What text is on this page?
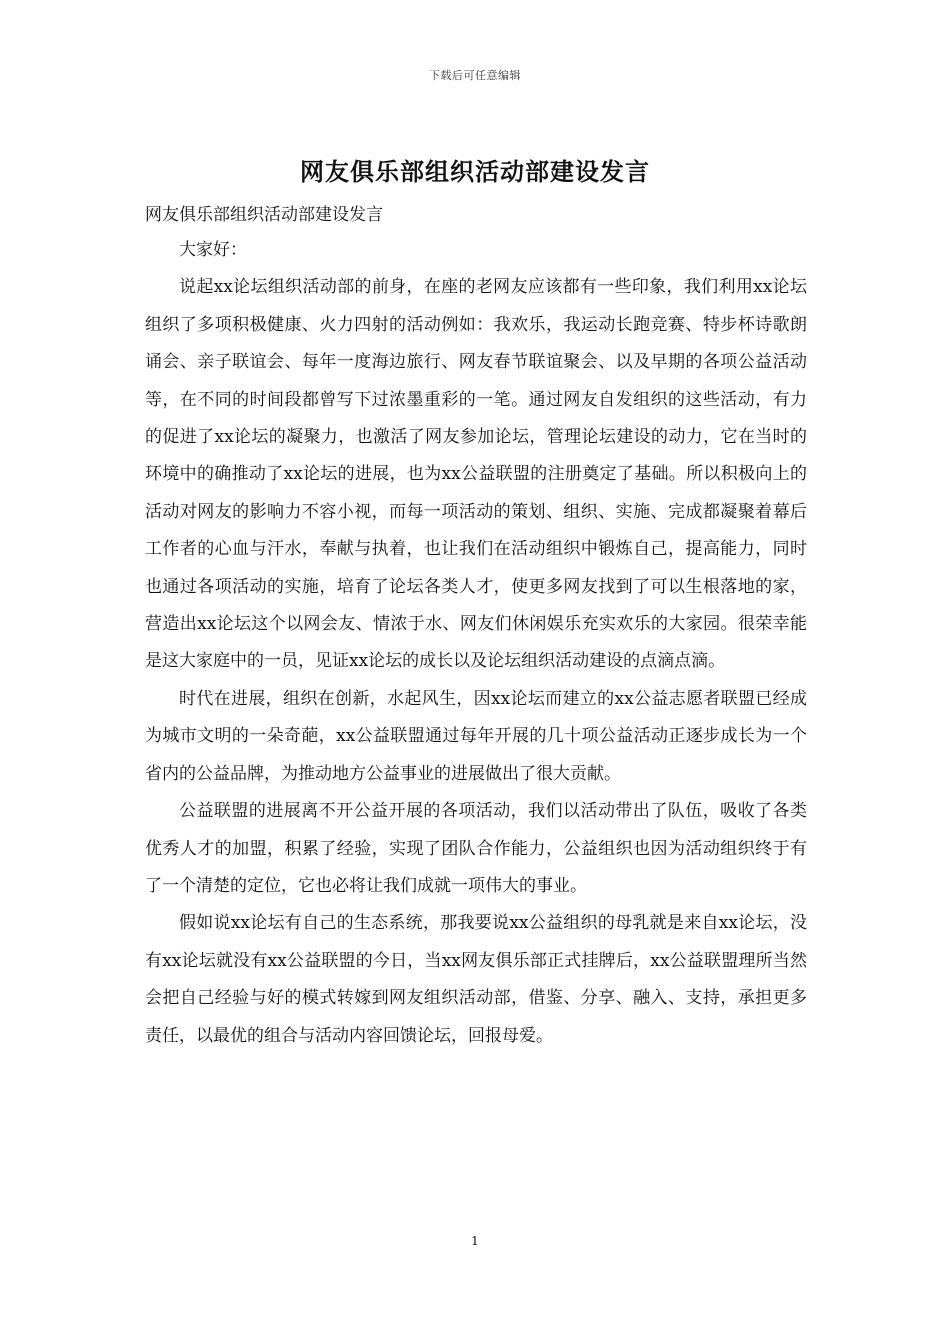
下载后可任意编辑
网友俱乐部组织活动部建设发言
网友俱乐部组织活动部建设发言

大家好：

说起xx论坛组织活动部的前身，在座的老网友应该都有一些印象，我们利用xx论坛组织了多项积极健康、火力四射的活动例如：我欢乐，我运动长跑竞赛、特步杯诗歌朗诵会、亲子联谊会、每年一度海边旅行、网友春节联谊聚会、以及早期的各项公益活动等，在不同的时间段都曾写下过浓墨重彩的一笔。通过网友自发组织的这些活动，有力的促进了xx论坛的凝聚力，也激活了网友参加论坛，管理论坛建设的动力，它在当时的环境中的确推动了xx论坛的进展，也为xx公益联盟的注册奠定了基础。所以积极向上的活动对网友的影响力不容小视，而每一项活动的策划、组织、实施、完成都凝聚着幕后工作者的心血与汗水，奉献与执着，也让我们在活动组织中锻炼自己，提高能力，同时也通过各项活动的实施，培育了论坛各类人才，使更多网友找到了可以生根落地的家，营造出xx论坛这个以网会友、情浓于水、网友们休闲娱乐充实欢乐的大家园。很荣幸能是这大家庭中的一员，见证xx论坛的成长以及论坛组织活动建设的点滴点滴。

时代在进展，组织在创新，水起风生，因xx论坛而建立的xx公益志愿者联盟已经成为城市文明的一朵奇葩，xx公益联盟通过每年开展的几十项公益活动正逐步成长为一个省内的公益品牌，为推动地方公益事业的进展做出了很大贡献。

公益联盟的进展离不开公益开展的各项活动，我们以活动带出了队伍，吸收了各类优秀人才的加盟，积累了经验，实现了团队合作能力，公益组织也因为活动组织终于有了一个清楚的定位，它也必将让我们成就一项伟大的事业。

假如说xx论坛有自己的生态系统，那我要说xx公益组织的母乳就是来自xx论坛，没有xx论坛就没有xx公益联盟的今日，当xx网友俱乐部正式挂牌后，xx公益联盟理所当然会把自己经验与好的模式转嫁到网友组织活动部，借鉴、分享、融入、支持，承担更多责任，以最优的组合与活动内容回馈论坛，回报母爱。

1
